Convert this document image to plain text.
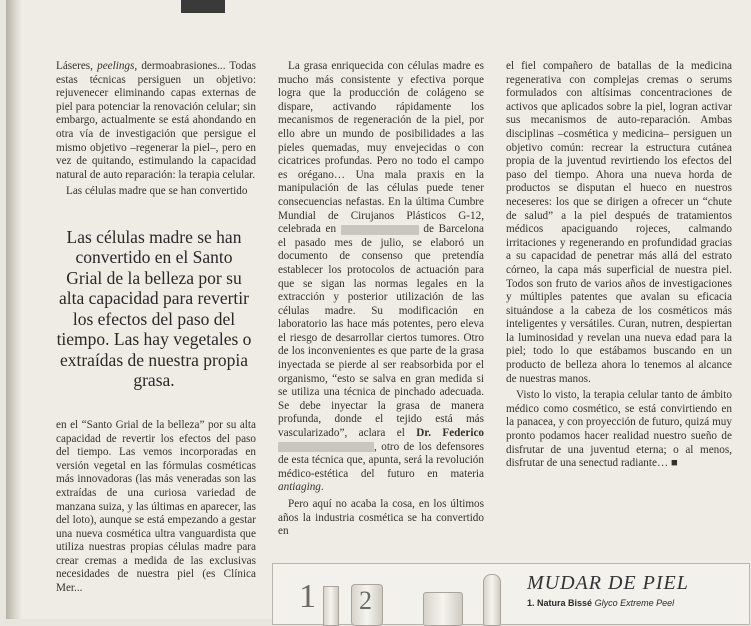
Láseres, peelings, dermoabrasiones... Todas estas técnicas persiguen un objetivo: rejuvenecer eliminando capas externas de piel para potenciar la renovación celular; sin embargo, actualmente se está ahondando en otra vía de investigación que persigue el mismo objetivo –regenerar la piel–, pero en vez de quitando, estimulando la capacidad natural de auto reparación: la terapia celular.

Las células madre que se han convertido

Las células madre se han convertido en el Santo Grial de la belleza por su alta capacidad para revertir los efectos del paso del tiempo. Las hay vegetales o extraídas de nuestra propia grasa.

en el “Santo Grial de la belleza” por su alta capacidad de revertir los efectos del paso del tiempo. Las vemos incorporadas en versión vegetal en las fórmulas cosméticas más innovadoras (las más veneradas son las extraídas de una curiosa variedad de manzana suiza, y las últimas en aparecer, las del loto), aunque se está empezando a gestar una nueva cosmética ultra vanguardista que utiliza nuestras propias células madre para crear cremas a medida de las exclusivas necesidades de nuestra piel (es Clínica Mer...

La grasa enriquecida con células madre es mucho más consistente y efectiva porque logra que la producción de colágeno se dispare, activando rápidamente los mecanismos de regeneración de la piel, por ello abre un mundo de posibilidades a las pieles quemadas, muy envejecidas o con cicatrices profundas. Pero no todo el campo es orégano… Una mala praxis en la manipulación de las células puede tener consecuencias nefastas. En la última Cumbre Mundial de Cirujanos Plásticos G-12, celebrada en	de Barcelona el pasado mes de julio, se elaboró un documento de consenso que pretendía establecer los protocolos de actuación para que se sigan las normas legales en la extracción y posterior utilización de las células madre. Su modificación en laboratorio las hace más potentes, pero eleva el riesgo de desarrollar ciertos tumores. Otro de los inconvenientes es que parte de la grasa inyectada se pierde al ser reabsorbida por el organismo, “esto se salva en gran medida si se utiliza una técnica de pinchado adecuada. Se debe inyectar la grasa de manera profunda, donde el tejido está más vascularizado”, aclara el Dr. Federico , otro de los defensores de esta técnica que, apunta, será la revolución médico-estética del futuro en materia antiaging.

Pero aquí no acaba la cosa, en los últimos años la industria cosmética se ha convertido en

el fiel compañero de batallas de la medicina regenerativa con complejas cremas o serums formulados con altísimas concentraciones de activos que aplicados sobre la piel, logran activar sus mecanismos de auto-reparación. Ambas disciplinas –cosmética y medicina– persiguen un objetivo común: recrear la estructura cutánea propia de la juventud revirtiendo los efectos del paso del tiempo. Ahora una nueva horda de productos se disputan el hueco en nuestros neceseres: los que se dirigen a ofrecer un “chute de salud” a la piel después de tratamientos médicos apaciguando rojeces, calmando irritaciones y regenerando en profundidad gracias a su capacidad de penetrar más allá del estrato córneo, la capa más superficial de nuestra piel. Todos son fruto de varios años de investigaciones y múltiples patentes que avalan su eficacia situándose a la cabeza de los cosméticos más inteligentes y versátiles. Curan, nutren, despiertan la luminosidad y revelan una nueva edad para la piel; todo lo que estábamos buscando en un producto de belleza ahora lo tenemos al alcance de nuestras manos.

Visto lo visto, la terapia celular tanto de ámbito médico como cosmético, se está convirtiendo en la panacea, y con proyección de futuro, quizá muy pronto podamos hacer realidad nuestro sueño de disfrutar de una juventud eterna; o al menos, disfrutar de una senectud radiante… ■

1 2
MUDAR DE PIEL
1. Natura Bissé Glyco Extreme Peel
